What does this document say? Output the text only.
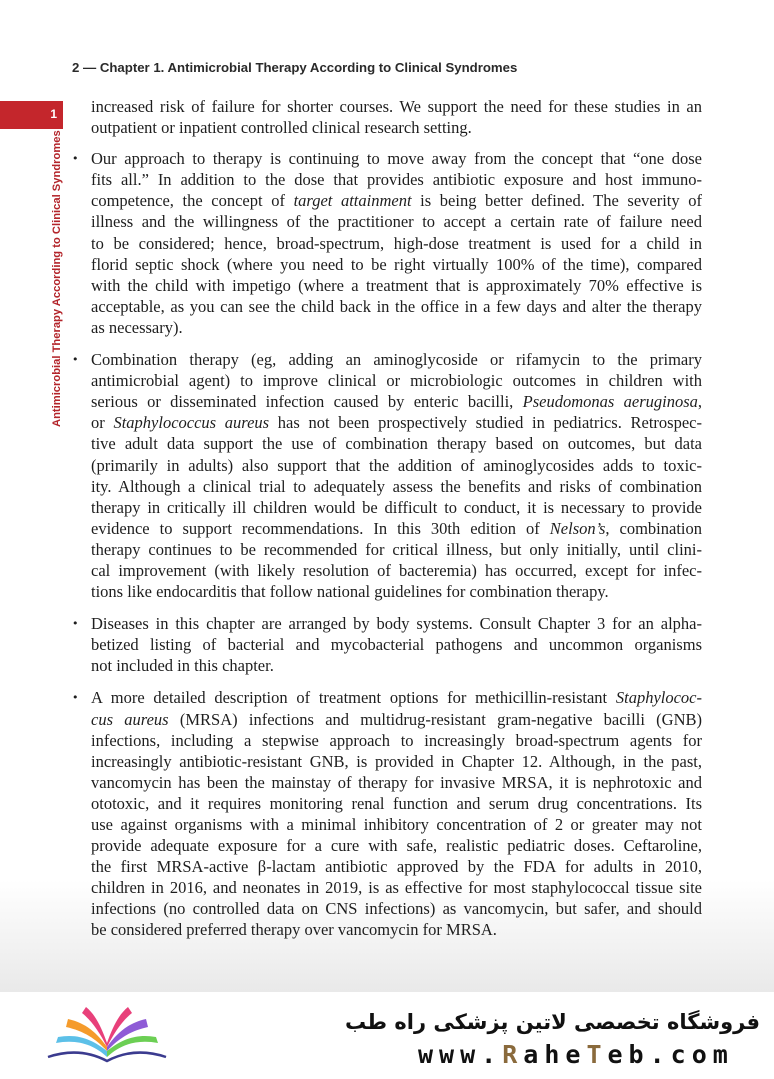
2 — Chapter 1. Antimicrobial Therapy According to Clinical Syndromes
1
Antimicrobial Therapy According to Clinical Syndromes
increased risk of failure for shorter courses. We support the need for these studies in an
outpatient or inpatient controlled clinical research setting.
• Our approach to therapy is continuing to move away from the concept that “one dose
fits all.” In addition to the dose that provides antibiotic exposure and host immuno-
competence, the concept of target attainment is being better defined. The severity of
illness and the willingness of the practitioner to accept a certain rate of failure need
to be considered; hence, broad-spectrum, high-dose treatment is used for a child in
florid septic shock (where you need to be right virtually 100% of the time), compared
with the child with impetigo (where a treatment that is approximately 70% effective is
acceptable, as you can see the child back in the office in a few days and alter the therapy
as necessary).
• Combination therapy (eg, adding an aminoglycoside or rifamycin to the primary
antimicrobial agent) to improve clinical or microbiologic outcomes in children with
serious or disseminated infection caused by enteric bacilli, Pseudomonas aeruginosa,
or Staphylococcus aureus has not been prospectively studied in pediatrics. Retrospec-
tive adult data support the use of combination therapy based on outcomes, but data
(primarily in adults) also support that the addition of aminoglycosides adds to toxic-
ity. Although a clinical trial to adequately assess the benefits and risks of combination
therapy in critically ill children would be difficult to conduct, it is necessary to provide
evidence to support recommendations. In this 30th edition of Nelson’s, combination
therapy continues to be recommended for critical illness, but only initially, until clini-
cal improvement (with likely resolution of bacteremia) has occurred, except for infec-
tions like endocarditis that follow national guidelines for combination therapy.
• Diseases in this chapter are arranged by body systems. Consult Chapter 3 for an alpha-
betized listing of bacterial and mycobacterial pathogens and uncommon organisms
not included in this chapter.
• A more detailed description of treatment options for methicillin-resistant Staphylococ-
cus aureus (MRSA) infections and multidrug-resistant gram-negative bacilli (GNB)
infections, including a stepwise approach to increasingly broad-spectrum agents for
increasingly antibiotic-resistant GNB, is provided in Chapter 12. Although, in the past,
vancomycin has been the mainstay of therapy for invasive MRSA, it is nephrotoxic and
ototoxic, and it requires monitoring renal function and serum drug concentrations. Its
use against organisms with a minimal inhibitory concentration of 2 or greater may not
provide adequate exposure for a cure with safe, realistic pediatric doses. Ceftaroline,
the first MRSA-active β-lactam antibiotic approved by the FDA for adults in 2010,
children in 2016, and neonates in 2019, is as effective for most staphylococcal tissue site
infections (no controlled data on CNS infections) as vancomycin, but safer, and should
be considered preferred therapy over vancomycin for MRSA.
فروشگاه تخصصی لاتین پزشکی راه طب
www.RaheTeb.com
